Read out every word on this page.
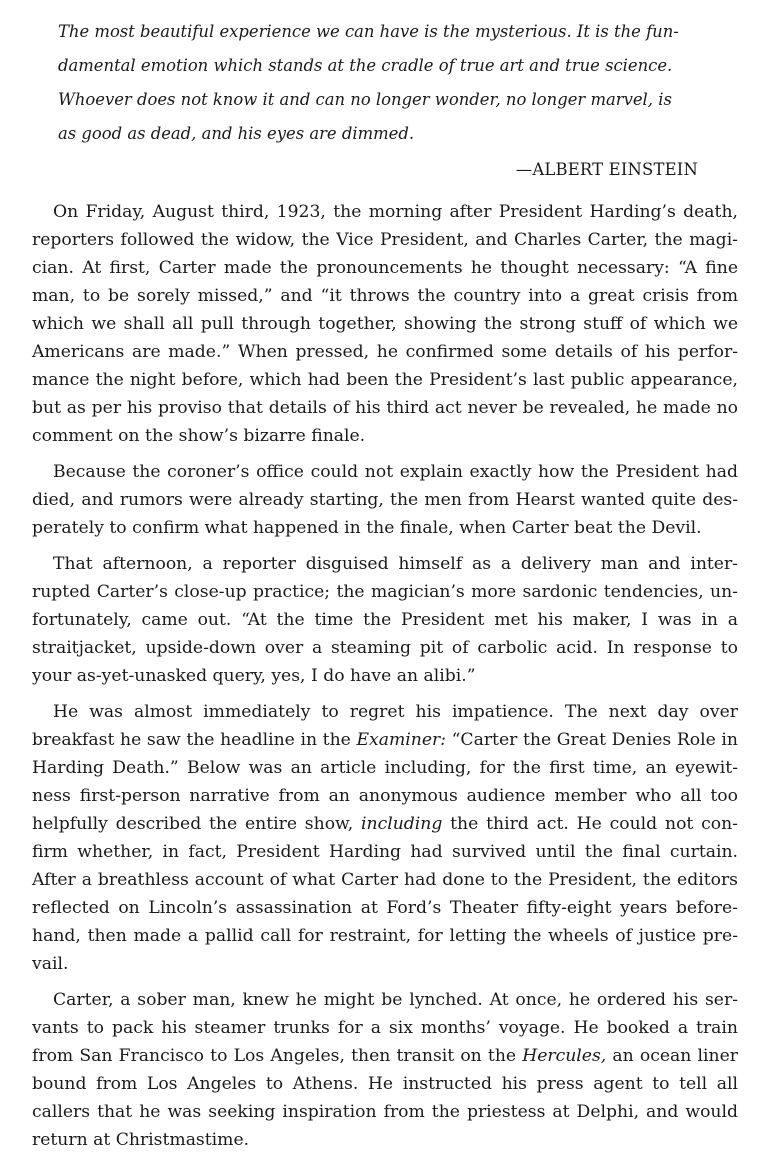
The most beautiful experience we can have is the mysterious. It is the fun-
damental emotion which stands at the cradle of true art and true science.
Whoever does not know it and can no longer wonder, no longer marvel, is
as good as dead, and his eyes are dimmed.
—ALBERT EINSTEIN
On Friday, August third, 1923, the morning after President Harding’s death,
reporters followed the widow, the Vice President, and Charles Carter, the magi-
cian. At first, Carter made the pronouncements he thought necessary: “A fine
man, to be sorely missed,” and “it throws the country into a great crisis from
which we shall all pull through together, showing the strong stuff of which we
Americans are made.” When pressed, he confirmed some details of his perfor-
mance the night before, which had been the President’s last public appearance,
but as per his proviso that details of his third act never be revealed, he made no
comment on the show’s bizarre finale.
Because the coroner’s office could not explain exactly how the President had
died, and rumors were already starting, the men from Hearst wanted quite des-
perately to confirm what happened in the finale, when Carter beat the Devil.
That afternoon, a reporter disguised himself as a delivery man and inter-
rupted Carter’s close-up practice; the magician’s more sardonic tendencies, un-
fortunately, came out. “At the time the President met his maker, I was in a
straitjacket, upside-down over a steaming pit of carbolic acid. In response to
your as-yet-unasked query, yes, I do have an alibi.”
He was almost immediately to regret his impatience. The next day over
breakfast he saw the headline in the Examiner: “Carter the Great Denies Role in
Harding Death.” Below was an article including, for the first time, an eyewit-
ness first-person narrative from an anonymous audience member who all too
helpfully described the entire show, including the third act. He could not con-
firm whether, in fact, President Harding had survived until the final curtain.
After a breathless account of what Carter had done to the President, the editors
reflected on Lincoln’s assassination at Ford’s Theater fifty-eight years before-
hand, then made a pallid call for restraint, for letting the wheels of justice pre-
vail.
Carter, a sober man, knew he might be lynched. At once, he ordered his ser-
vants to pack his steamer trunks for a six months’ voyage. He booked a train
from San Francisco to Los Angeles, then transit on the Hercules, an ocean liner
bound from Los Angeles to Athens. He instructed his press agent to tell all
callers that he was seeking inspiration from the priestess at Delphi, and would
return at Christmastime.
